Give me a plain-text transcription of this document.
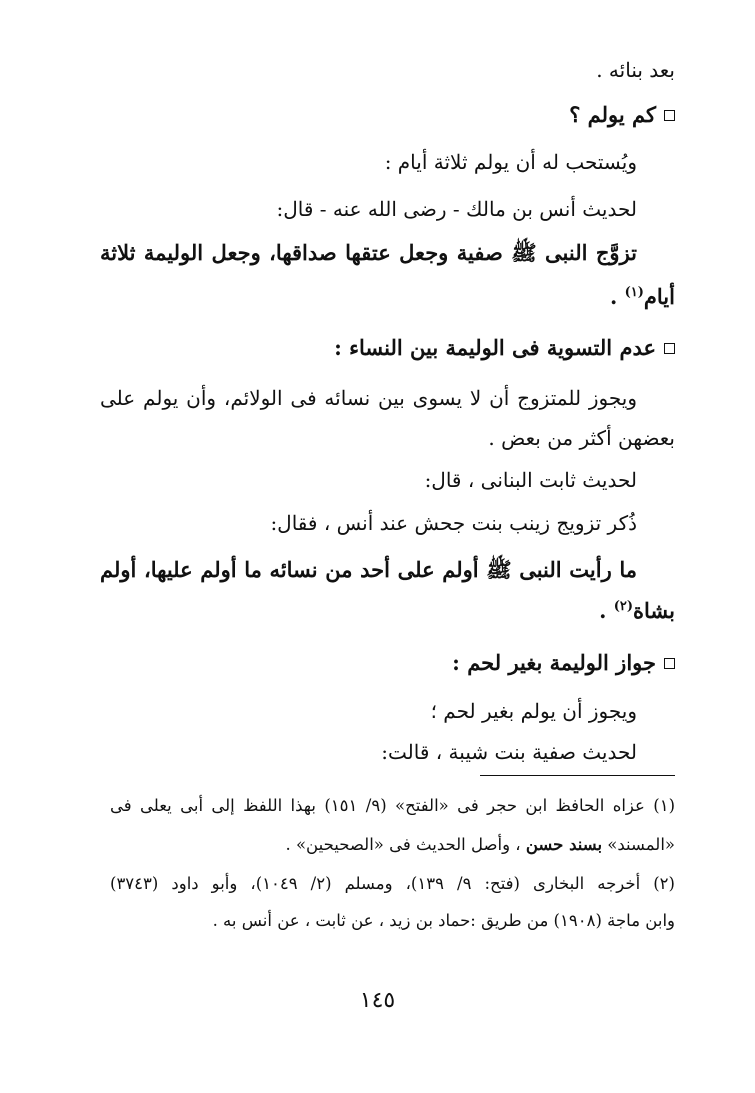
بعد بنائه .
كم يولم ؟
ويُستحب له أن يولم ثلاثة أيام :
لحديث أنس بن مالك - رضى الله عنه - قال:
تزوَّج النبى ﷺ صفية وجعل عتقها صداقها، وجعل الوليمة ثلاثة
أيام$^{(١)}$ .
عدم التسوية فى الوليمة بين النساء :
ويجوز للمتزوج أن لا يسوى بين نسائه فى الولائم، وأن يولم على
بعضهن أكثر من بعض .
لحديث ثابت البنانى ، قال:
ذُكر تزويج زينب بنت جحش عند أنس ، فقال:
ما رأيت النبى ﷺ أولم على أحد من نسائه ما أولم عليها، أولم
بشاة$^{(٢)}$ .
جواز الوليمة بغير لحم :
ويجوز أن يولم بغير لحم ؛
لحديث صفية بنت شيبة ، قالت:
(١) عزاه الحافظ ابن حجر فى «الفتح» (٩/ ١٥١) بهذا اللفظ إلى أبى يعلى فى
«المسند» بسند حسن ، وأصل الحديث فى «الصحيحين» .
(٢) أخرجه البخارى (فتح: ٩/ ١٣٩)، ومسلم (٢/ ١٠٤٩)، وأبو داود (٣٧٤٣)
وابن ماجة (١٩٠٨) من طريق :حماد بن زيد ، عن ثابت ، عن أنس به .
١٤٥
